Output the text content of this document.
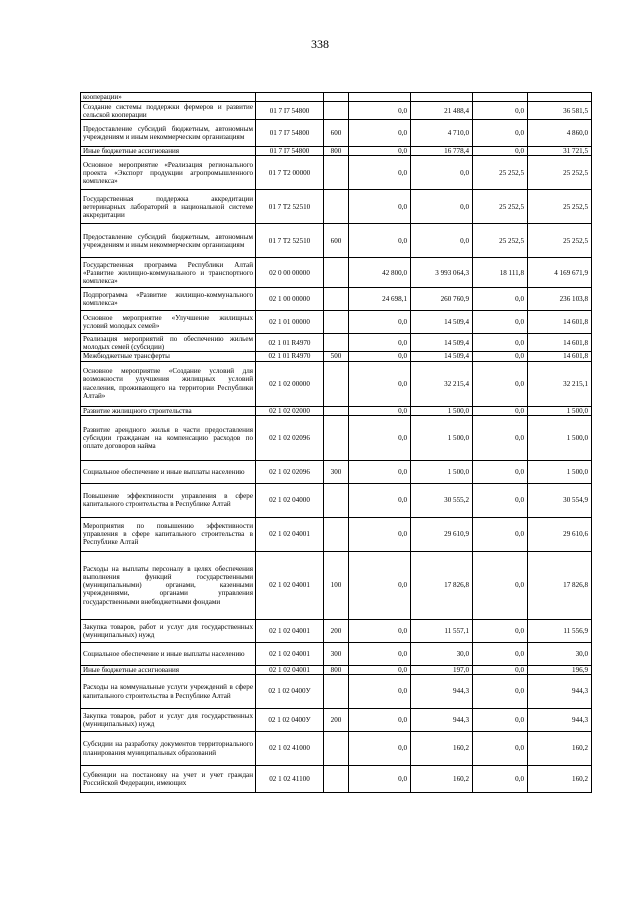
338
кооперации»						
Создание системы поддержки фермеров и развитие сельской кооперации	01 7 I7 54800		0,0	21 488,4	0,0	36 581,5
Предоставление субсидий бюджетным, автономным учреждениям и иным некоммерческим организациям	01 7 I7 54800	600	0,0	4 710,0	0,0	4 860,0
Иные бюджетные ассигнования	01 7 I7 54800	800	0,0	16 778,4	0,0	31 721,5
Основное мероприятие «Реализация регионального проекта «Экспорт продукции агропромышленного комплекса»	01 7 T2 00000		0,0	0,0	25 252,5	25 252,5
Государственная поддержка аккредитации ветеринарных лабораторий в национальной системе аккредитации	01 7 T2 52510		0,0	0,0	25 252,5	25 252,5
Предоставление субсидий бюджетным, автономным учреждениям и иным некоммерческим организациям	01 7 T2 52510	600	0,0	0,0	25 252,5	25 252,5
Государственная программа Республики Алтай «Развитие жилищно-коммунального и транспортного комплекса»	02 0 00 00000		42 800,0	3 993 064,3	18 111,8	4 169 671,9
Подпрограмма «Развитие жилищно-коммунального комплекса»	02 1 00 00000		24 698,1	260 760,9	0,0	236 103,8
Основное мероприятие «Улучшение жилищных условий молодых семей»	02 1 01 00000		0,0	14 509,4	0,0	14 601,8
Реализация мероприятий по обеспечению жильем молодых семей (субсидии)	02 1 01 R4970		0,0	14 509,4	0,0	14 601,8
Межбюджетные трансферты	02 1 01 R4970	500	0,0	14 509,4	0,0	14 601,8
Основное мероприятие «Создание условий для возможности улучшения жилищных условий населения, проживающего на территории Республики Алтай»	02 1 02 00000		0,0	32 215,4	0,0	32 215,1
Развитие жилищного строительства	02 1 02 02000		0,0	1 500,0	0,0	1 500,0
Развитие арендного жилья в части предоставления субсидии гражданам на компенсацию расходов по оплате договоров найма	02 1 02 02096		0,0	1 500,0	0,0	1 500,0
Социальное обеспечение и иные выплаты населению	02 1 02 02096	300	0,0	1 500,0	0,0	1 500,0
Повышение эффективности управления в сфере капитального строительства в Республике Алтай	02 1 02 04000		0,0	30 555,2	0,0	30 554,9
Мероприятия по повышению эффективности управления в сфере капитального строительства в Республике Алтай	02 1 02 04001		0,0	29 610,9	0,0	29 610,6
Расходы на выплаты персоналу в целях обеспечения выполнения функций государственными (муниципальными) органами, казенными учреждениями, органами управления государственными внебюджетными фондами	02 1 02 04001	100	0,0	17 826,8	0,0	17 826,8
Закупка товаров, работ и услуг для государственных (муниципальных) нужд	02 1 02 04001	200	0,0	11 557,1	0,0	11 556,9
Социальное обеспечение и иные выплаты населению	02 1 02 04001	300	0,0	30,0	0,0	30,0
Иные бюджетные ассигнования	02 1 02 04001	800	0,0	197,0	0,0	196,9
Расходы на коммунальные услуги учреждений в сфере капитального строительства в Республике Алтай	02 1 02 0400У		0,0	944,3	0,0	944,3
Закупка товаров, работ и услуг для государственных (муниципальных) нужд	02 1 02 0400У	200	0,0	944,3	0,0	944,3
Субсидии на разработку документов территориального планирования муниципальных образований	02 1 02 41000		0,0	160,2	0,0	160,2
Субвенции на постановку на учет и учет граждан Российской Федерации, имеющих	02 1 02 41100		0,0	160,2	0,0	160,2
